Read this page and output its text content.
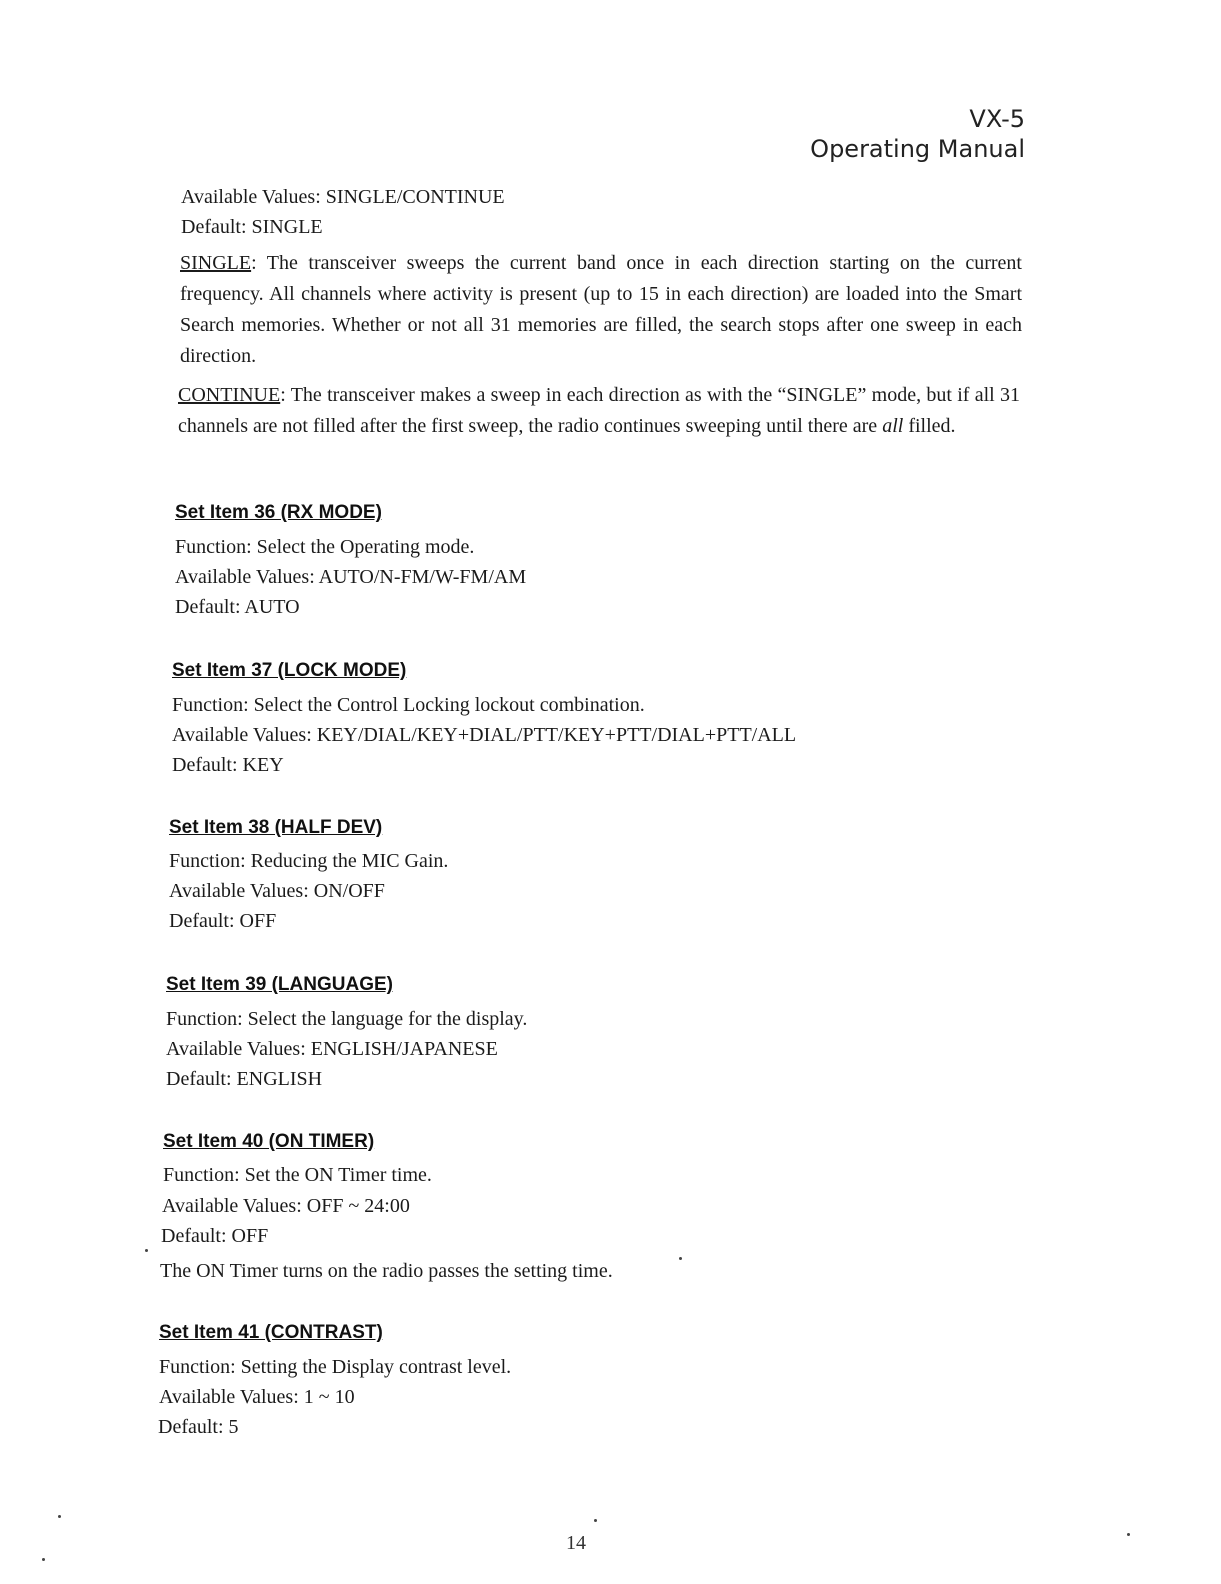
VX-5
Operating Manual
Available Values: SINGLE/CONTINUE
Default: SINGLE
SINGLE: The transceiver sweeps the current band once in each direction starting on the current frequency. All channels where activity is present (up to 15 in each direction) are loaded into the Smart Search memories. Whether or not all 31 memories are filled, the search stops after one sweep in each direction.
CONTINUE: The transceiver makes a sweep in each direction as with the “SINGLE” mode, but if all 31 channels are not filled after the first sweep, the radio continues sweeping until there are all filled.
Set Item 36 (RX MODE)
Function: Select the Operating mode.
Available Values: AUTO/N-FM/W-FM/AM
Default: AUTO
Set Item 37 (LOCK MODE)
Function: Select the Control Locking lockout combination.
Available Values: KEY/DIAL/KEY+DIAL/PTT/KEY+PTT/DIAL+PTT/ALL
Default: KEY
Set Item 38 (HALF DEV)
Function: Reducing the MIC Gain.
Available Values: ON/OFF
Default: OFF
Set Item 39 (LANGUAGE)
Function: Select the language for the display.
Available Values: ENGLISH/JAPANESE
Default: ENGLISH
Set Item 40 (ON TIMER)
Function: Set the ON Timer time.
Available Values: OFF ~ 24:00
Default: OFF
The ON Timer turns on the radio passes the setting time.
Set Item 41 (CONTRAST)
Function: Setting the Display contrast level.
Available Values: 1 ~ 10
Default: 5
14
